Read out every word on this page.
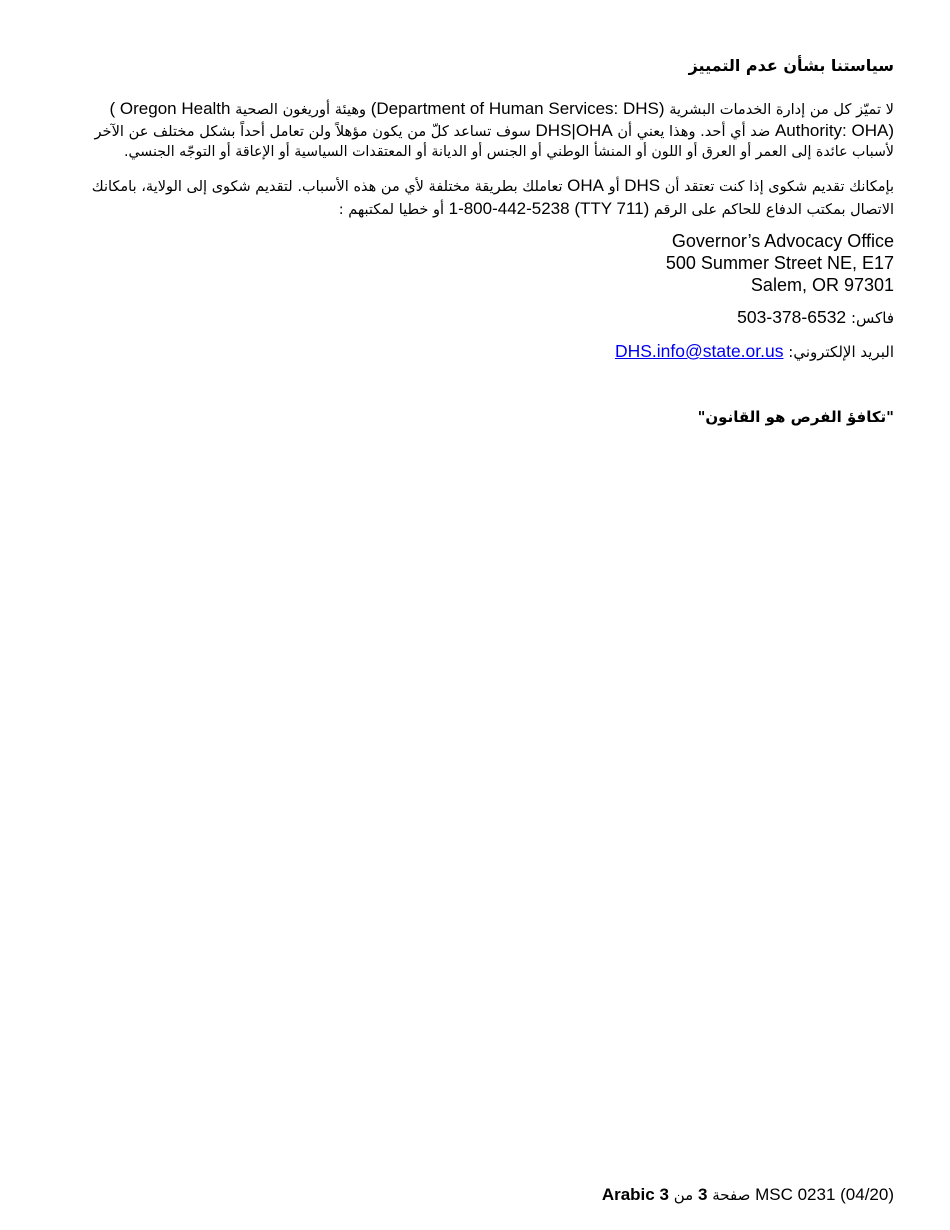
سياستنا بشأن عدم التمييز
لا تميّز كل من إدارة الخدمات البشرية (Department of Human Services: DHS) وهيئة أوريغون الصحية ( Oregon Health
Authority: OHA) ضد أي أحد. وهذا يعني أن DHS|OHA سوف تساعد كلّ من يكون مؤهلاً ولن تعامل أحداً بشكل مختلف عن الآخر
لأسباب عائدة إلى العمر أو العرق أو اللون أو المنشأ الوطني أو الجنس أو الديانة أو المعتقدات السياسية أو الإعاقة أو التوجّه الجنسي.
بإمكانك تقديم شكوى إذا كنت تعتقد أن DHS أو OHA تعاملك بطريقة مختلفة لأي من هذه الأسباب. لتقديم شكوى إلى الولاية، بامكانك
الاتصال بمكتب الدفاع للحاكم على الرقم 1-800-442-5238 (TTY 711) أو خطيا لمكتبهم :
Governor’s Advocacy Office
500 Summer Street NE, E17
Salem, OR 97301
فاكس: 503-378-6532
البريد الإلكتروني: DHS.info@state.or.us
"تكافؤ الفرص هو القانون"
MSC 0231 (04/20) صفحة 3 من 3 Arabic
